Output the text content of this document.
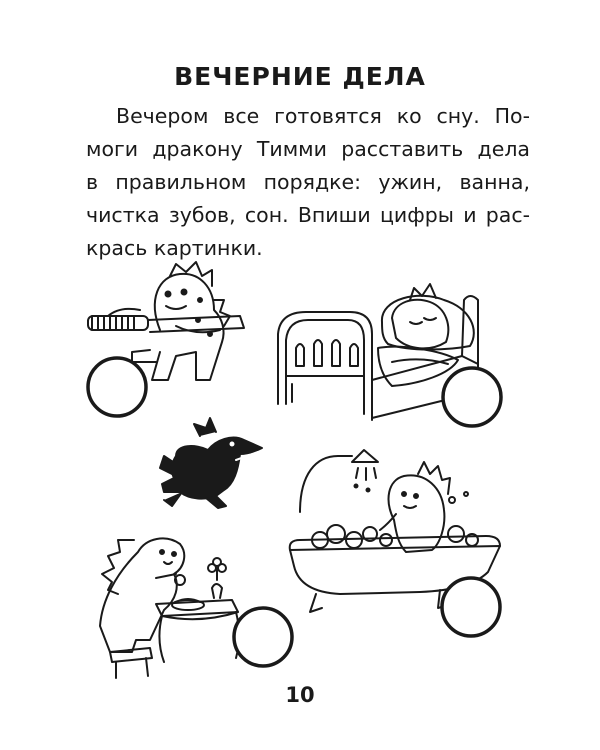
ВЕЧЕРНИЕ ДЕЛА
Вечером все готовятся ко сну. По-
моги дракону Тимми расставить дела
в правильном порядке: ужин, ванна,
чистка зубов, сон. Впиши цифры и рас-
крась картинки.
10
